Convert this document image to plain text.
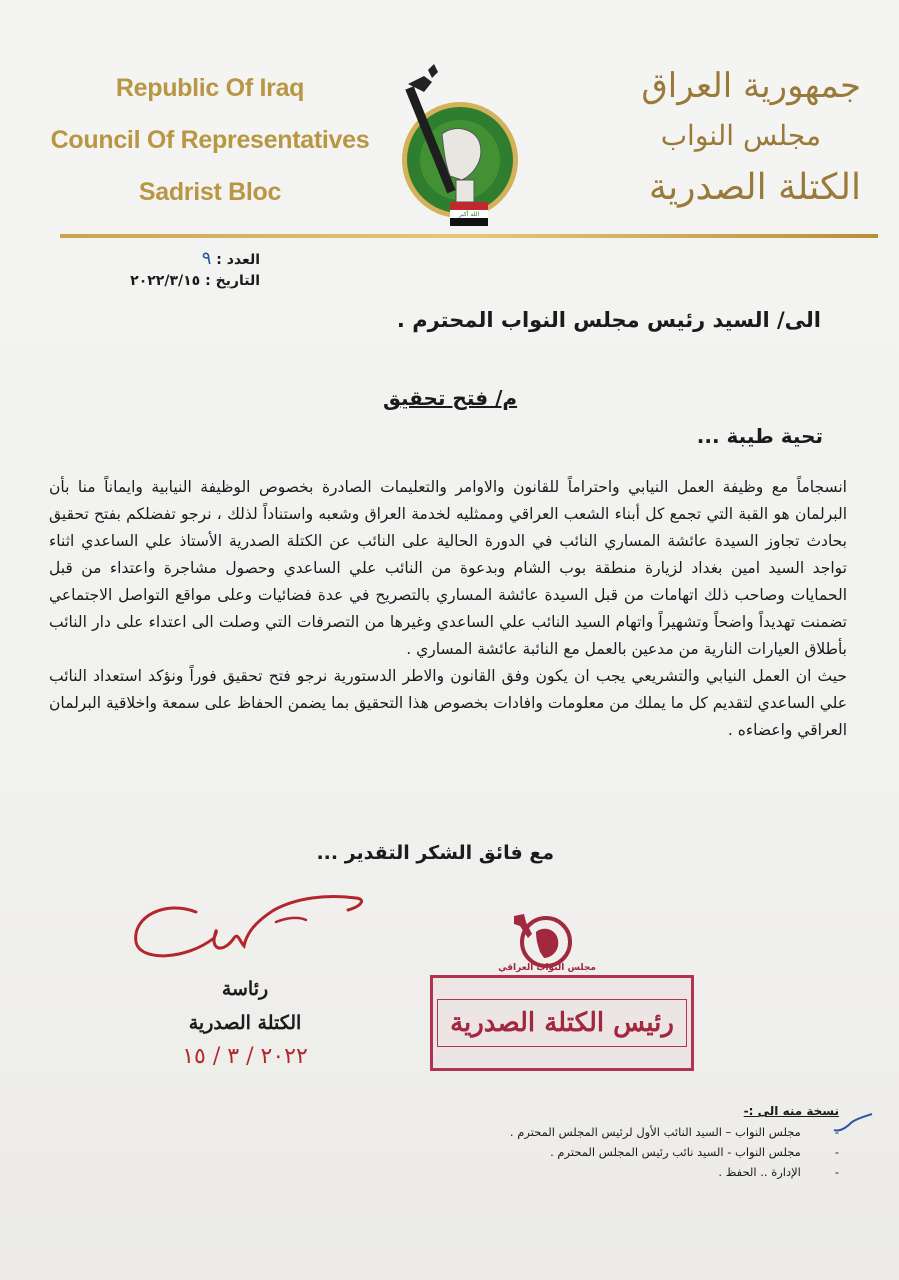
Republic Of Iraq
Council Of Representatives
Sadrist Bloc
الله أكبر
جمهورية العراق
مجلس النواب
الكتلة الصدرية
العدد : ٩
التاريخ : ٢٠٢٢/٣/١٥
الى/ السيد رئيس مجلس النواب المحترم .
م/ فتح تحقيق
تحية طيبة ...

انسجاماً مع وظيفة العمل النيابي واحتراماً للقانون والاوامر والتعليمات الصادرة بخصوص الوظيفة النيابية وايماناً منا بأن البرلمان هو القبة التي تجمع كل أبناء الشعب العراقي وممثليه لخدمة العراق وشعبه واستناداً لذلك ، نرجو تفضلكم بفتح تحقيق بحادث تجاوز السيدة عائشة المساري النائب في الدورة الحالية على النائب عن الكتلة الصدرية الأستاذ علي الساعدي اثناء تواجد السيد امين بغداد لزيارة منطقة بوب الشام وبدعوة من النائب علي الساعدي وحصول مشاجرة واعتداء من قبل الحمايات وصاحب ذلك اتهامات من قبل السيدة عائشة المساري بالتصريح في عدة فضائيات وعلى مواقع التواصل الاجتماعي تضمنت تهديداً واضحاً وتشهيراً واتهام السيد النائب علي الساعدي وغيرها من التصرفات التي وصلت الى اعتداء على دار النائب بأطلاق العيارات النارية من مدعين بالعمل مع النائبة عائشة المساري .

حيث ان العمل النيابي والتشريعي يجب ان يكون وفق القانون والاطر الدستورية نرجو فتح تحقيق فوراً ونؤكد استعداد النائب علي الساعدي لتقديم كل ما يملك من معلومات وافادات بخصوص هذا التحقيق بما يضمن الحفاظ على سمعة واخلاقية البرلمان العراقي واعضاءه .

مع فائق الشكر التقدير ...
رئاسة
الكتلة الصدرية
٢٠٢٢ / ٣ / ١٥
مجلس النواب العراقي
رئيس الكتلة الصدرية
نسخة منه الى :-
-مجلس النواب – السيد النائب الأول لرئيس المجلس المحترم .
-مجلس النواب - السيد نائب رئيس المجلس المحترم .
-الإدارة .. الحفظ .
